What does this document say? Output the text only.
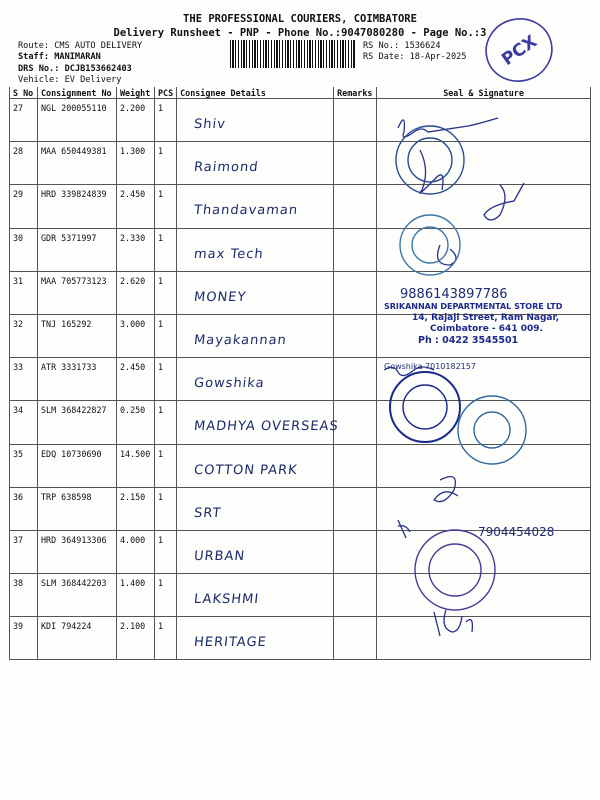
THE PROFESSIONAL COURIERS, COIMBATORE
Delivery Runsheet - PNP - Phone No.:9047080280 - Page No.:3
Route: CMS AUTO DELIVERY
Staff: MANIMARAN
DRS No.: DCJB153662403
Vehicle: EV Delivery
RS No.: 1536624
RS Date: 18-Apr-2025 PCX
S No	Consignment No	Weight	PCS	Consignee Details	Remarks	Seal & Signature
27	NGL 200055110	2.200	1	Shiv		
28	MAA 650449381	1.300	1	Raimond		
29	HRD 339824839	2.450	1	Thandavaman		
30	GDR 5371997	2.330	1	max Tech		
31	MAA 705773123	2.620	1	MONEY		
32	TNJ 165292	3.000	1	Mayakannan		
33	ATR 3331733	2.450	1	Gowshika		
34	SLM 368422827	0.250	1	MADHYA OVERSEAS		
35	EDQ 10730690	14.500	1	COTTON PARK		
36	TRP 638598	2.150	1	SRT		
37	HRD 364913306	4.000	1	URBAN		
38	SLM 368442203	1.400	1	LAKSHMI		
39	KDI 794224	2.100	1	HERITAGE		
SRIKANNAN DEPARTMENTAL STORE LTD
14, Rajaji Street, Ram Nagar,
Coimbatore - 641 009.
Ph : 0422 3545501
9886143897786
7904454028
Gowshika 7010182157
